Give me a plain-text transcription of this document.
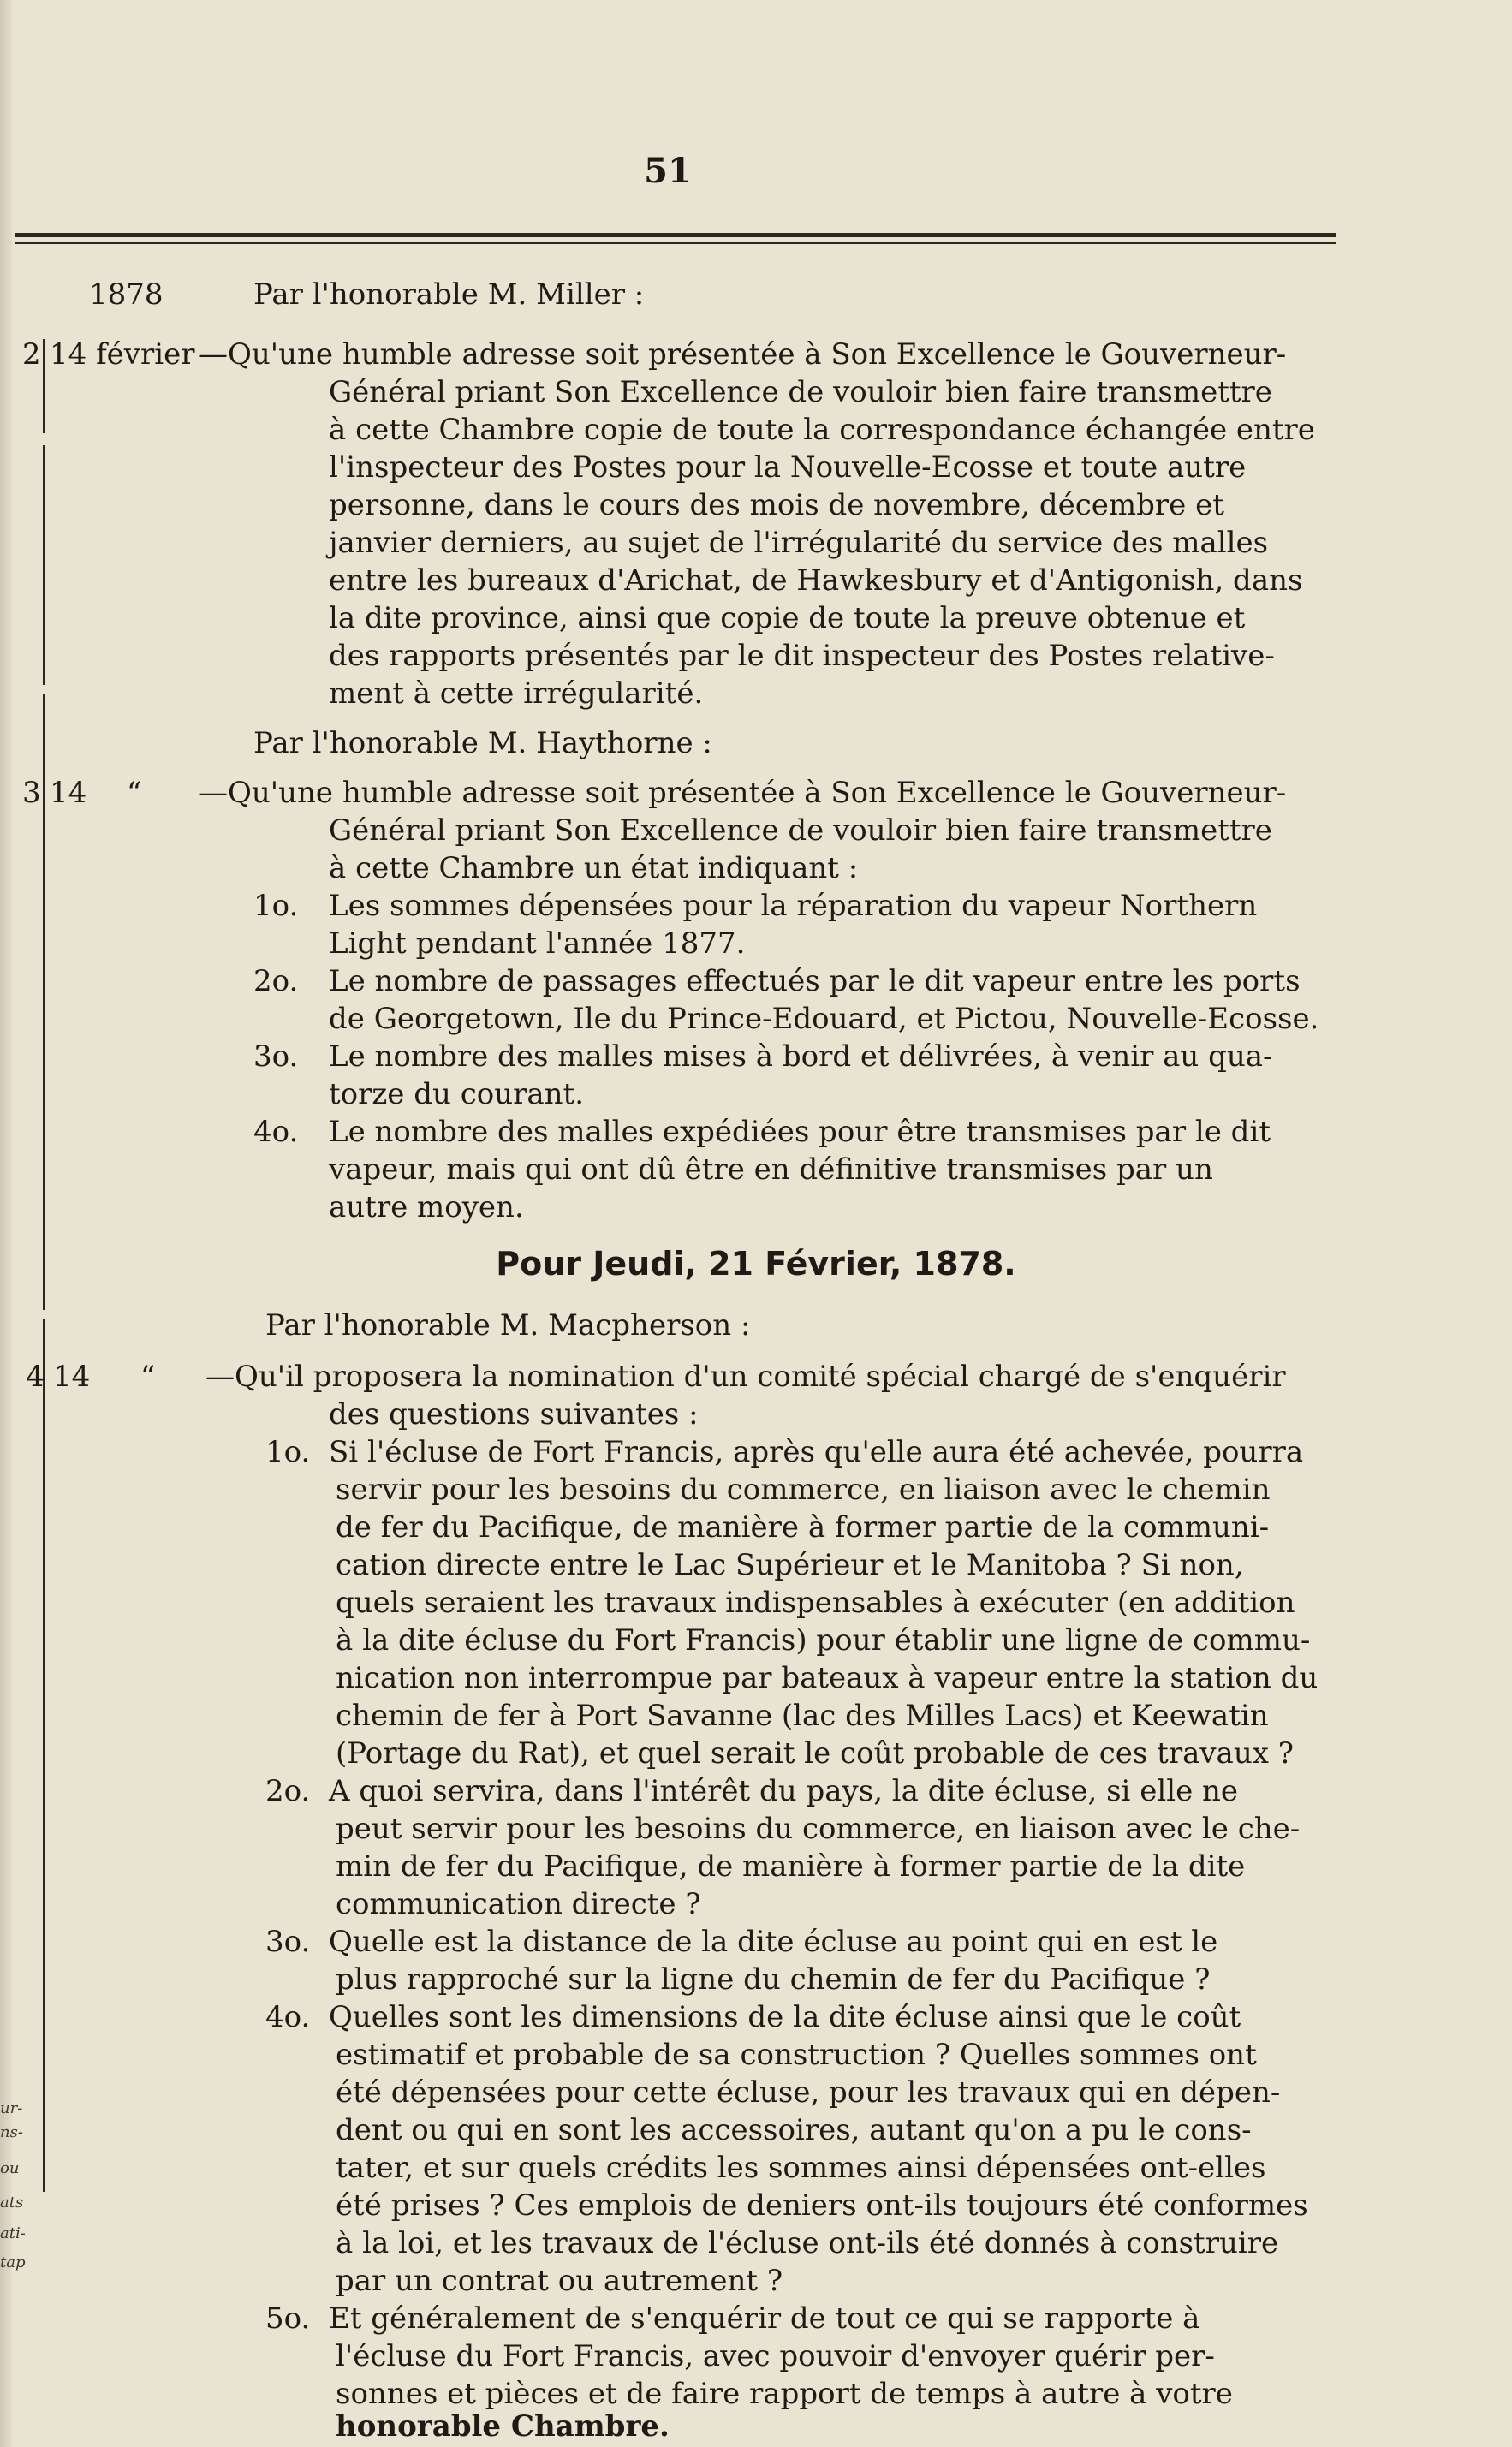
51
1878	Par l'honorable M. Miller :
2 14 février —Qu'une humble adresse soit présentée à Son Excellence le Gouverneur-
Général priant Son Excellence de vouloir bien faire transmettre
à cette Chambre copie de toute la correspondance échangée entre
l'inspecteur des Postes pour la Nouvelle-Ecosse et toute autre
personne, dans le cours des mois de novembre, décembre et
janvier derniers, au sujet de l'irrégularité du service des malles
entre les bureaux d'Arichat, de Hawkesbury et d'Antigonish, dans
la dite province, ainsi que copie de toute la preuve obtenue et
des rapports présentés par le dit inspecteur des Postes relative-
ment à cette irrégularité.
Par l'honorable M. Haythorne :
3 14 “ —Qu'une humble adresse soit présentée à Son Excellence le Gouverneur-
Général priant Son Excellence de vouloir bien faire transmettre
à cette Chambre un état indiquant :
1o. Les sommes dépensées pour la réparation du vapeur Northern
Light pendant l'année 1877.
2o. Le nombre de passages effectués par le dit vapeur entre les ports
de Georgetown, Ile du Prince-Edouard, et Pictou, Nouvelle-Ecosse.
3o. Le nombre des malles mises à bord et délivrées, à venir au qua-
torze du courant.
4o. Le nombre des malles expédiées pour être transmises par le dit
vapeur, mais qui ont dû être en définitive transmises par un
autre moyen.
Pour Jeudi, 21 Février, 1878.
Par l'honorable M. Macpherson :
4 14 “ —Qu'il proposera la nomination d'un comité spécial chargé de s'enquérir
des questions suivantes :
1o. Si l'écluse de Fort Francis, après qu'elle aura été achevée, pourra
servir pour les besoins du commerce, en liaison avec le chemin
de fer du Pacifique, de manière à former partie de la communi-
cation directe entre le Lac Supérieur et le Manitoba ? Si non,
quels seraient les travaux indispensables à exécuter (en addition
à la dite écluse du Fort Francis) pour établir une ligne de commu-
nication non interrompue par bateaux à vapeur entre la station du
chemin de fer à Port Savanne (lac des Milles Lacs) et Keewatin
(Portage du Rat), et quel serait le coût probable de ces travaux ?
2o. A quoi servira, dans l'intérêt du pays, la dite écluse, si elle ne
peut servir pour les besoins du commerce, en liaison avec le che-
min de fer du Pacifique, de manière à former partie de la dite
communication directe ?
3o. Quelle est la distance de la dite écluse au point qui en est le
plus rapproché sur la ligne du chemin de fer du Pacifique ?
4o. Quelles sont les dimensions de la dite écluse ainsi que le coût
estimatif et probable de sa construction ? Quelles sommes ont
été dépensées pour cette écluse, pour les travaux qui en dépen-
dent ou qui en sont les accessoires, autant qu'on a pu le cons-
tater, et sur quels crédits les sommes ainsi dépensées ont-elles
été prises ? Ces emplois de deniers ont-ils toujours été conformes
à la loi, et les travaux de l'écluse ont-ils été donnés à construire
par un contrat ou autrement ?
5o. Et généralement de s'enquérir de tout ce qui se rapporte à
l'écluse du Fort Francis, avec pouvoir d'envoyer quérir per-
sonnes et pièces et de faire rapport de temps à autre à votre
honorable Chambre.
ur-
ns-
ou
ats
ati-
tap
